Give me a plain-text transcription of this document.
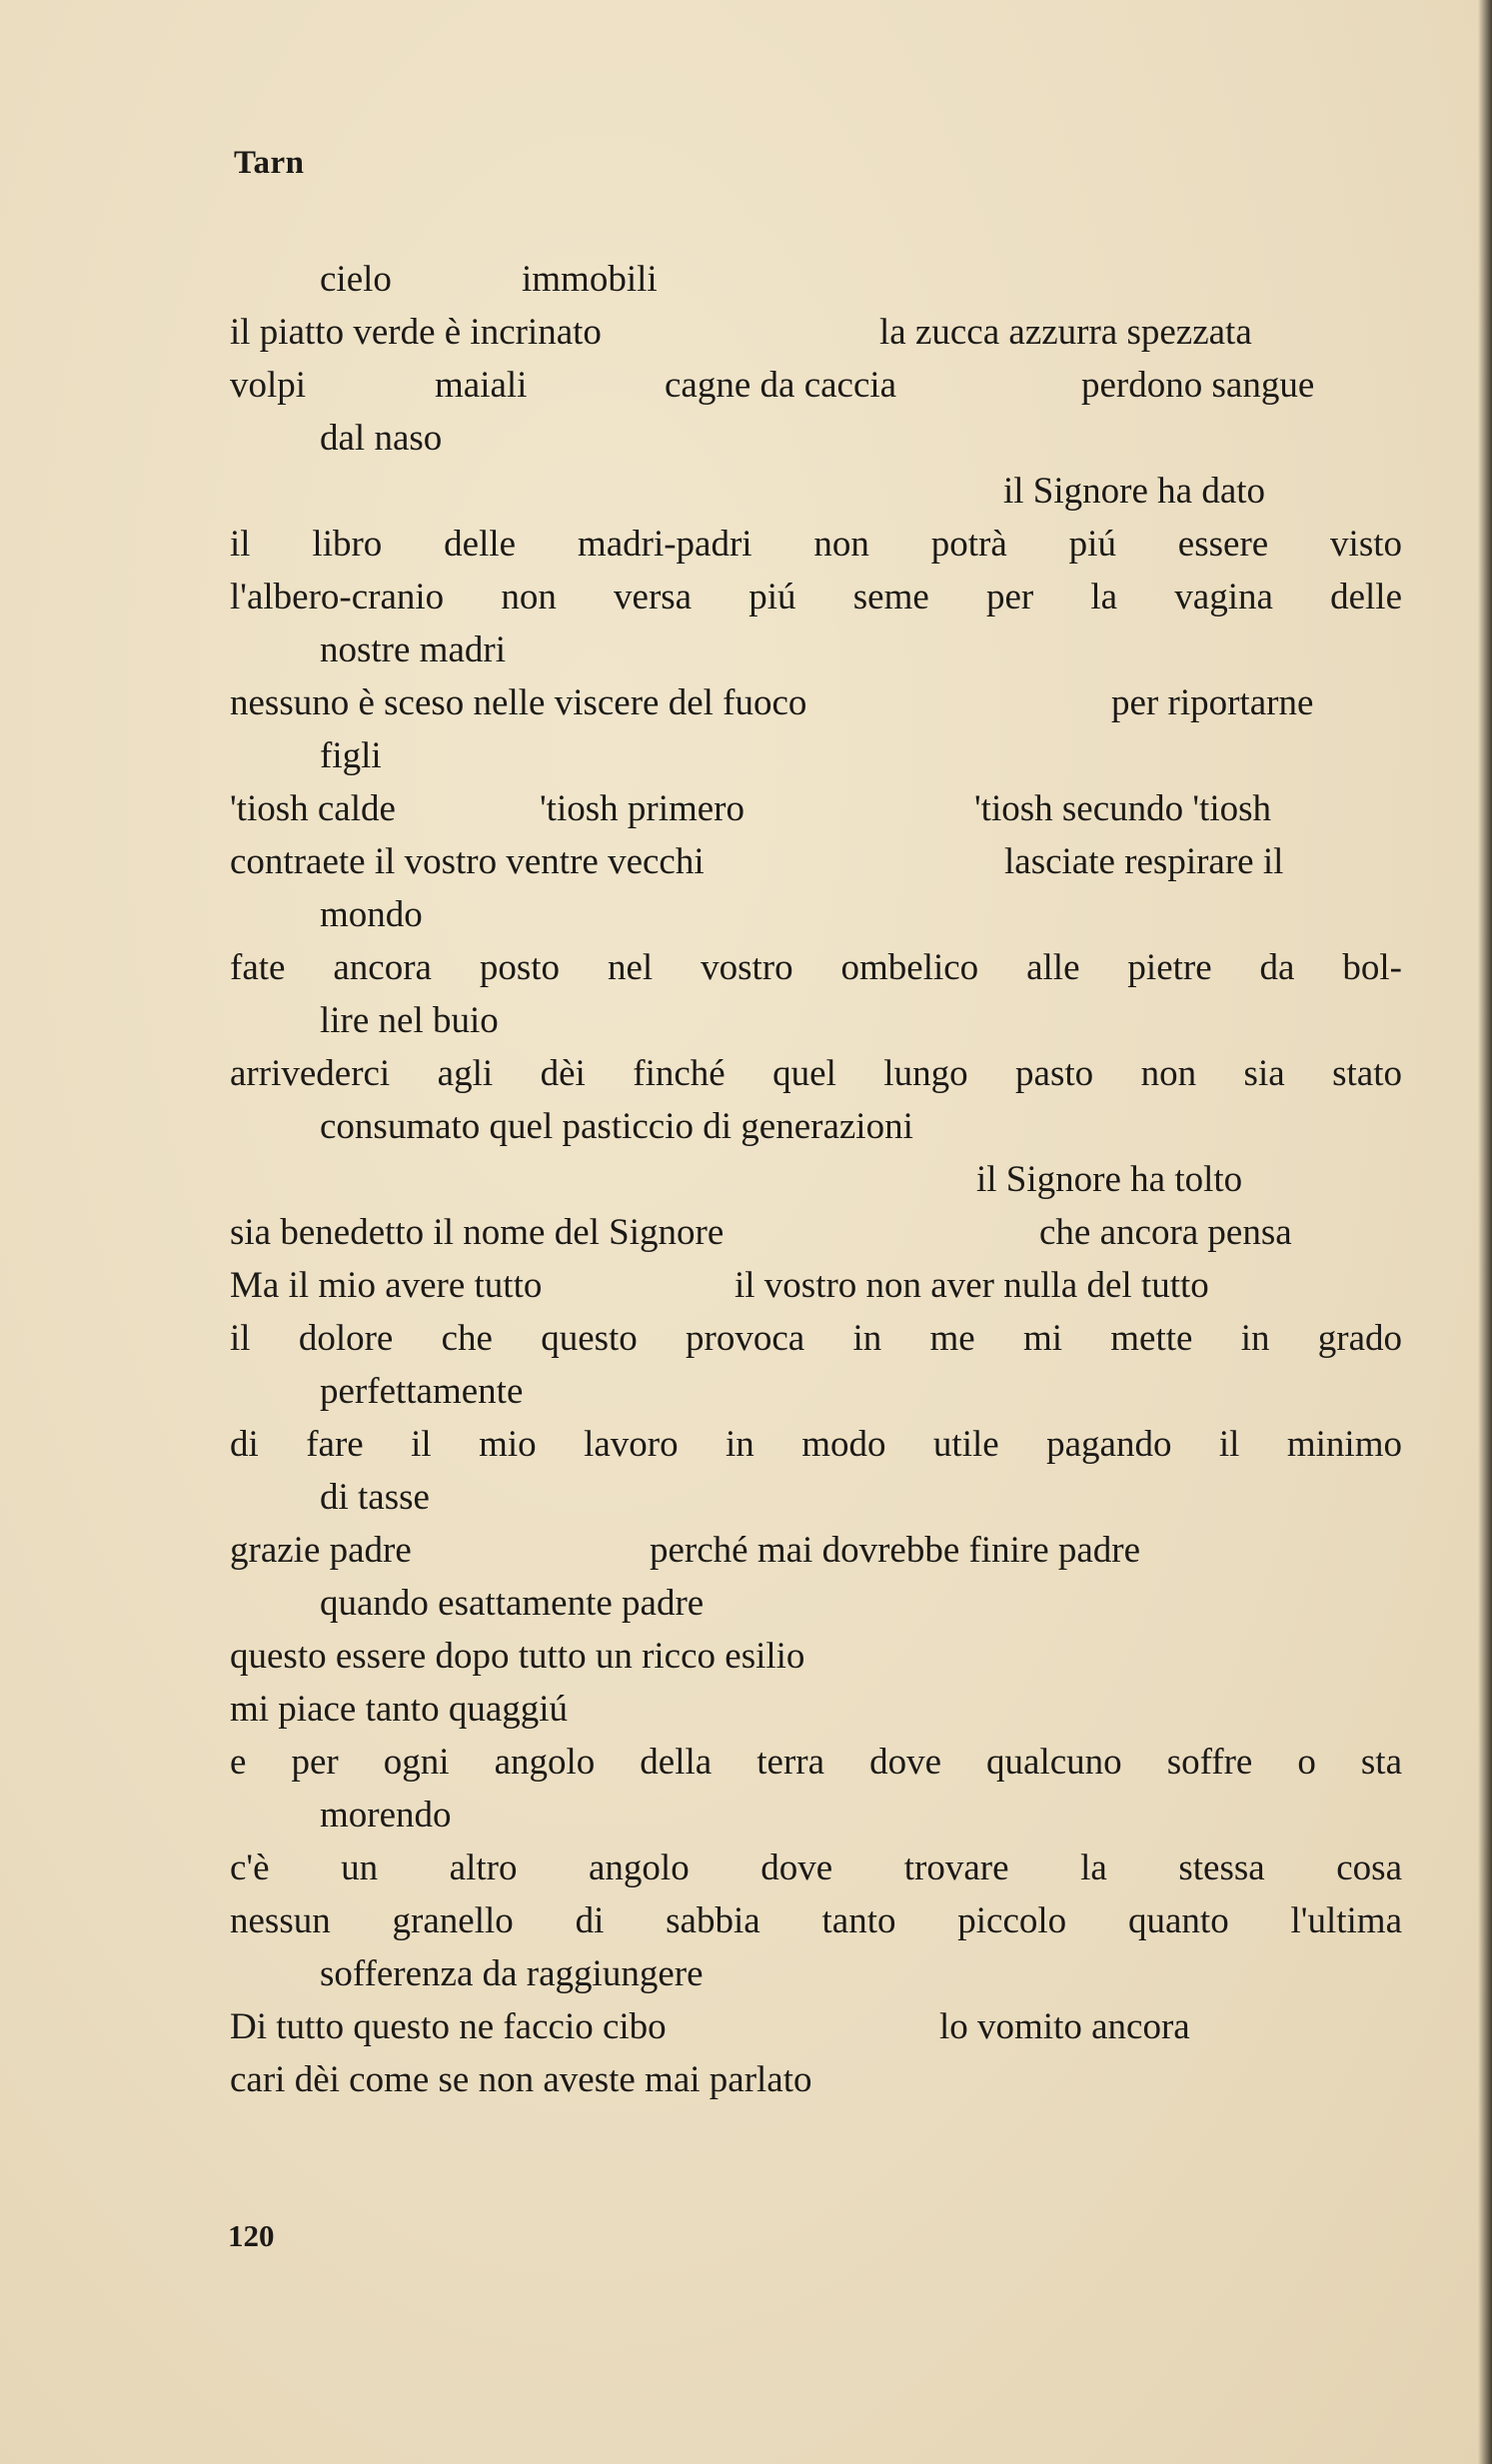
Tarn
cielo	immobili
il piatto verde è incrinato	la zucca azzurra spezzata
volpi	maiali	cagne da caccia	perdono sangue
dal naso
il Signore ha dato
il libro delle madri-padri non potrà piú essere visto
l'albero-cranio non versa piú seme per la vagina delle
nostre madri
nessuno è sceso nelle viscere del fuoco	per riportarne
figli
'tiosh calde	'tiosh primero	'tiosh secundo 'tiosh
contraete il vostro ventre vecchi	lasciate respirare il
mondo
fate ancora posto nel vostro ombelico alle pietre da bol-
lire nel buio
arrivederci agli dèi finché quel lungo pasto non sia stato
consumato quel pasticcio di generazioni
il Signore ha tolto
sia benedetto il nome del Signore	che ancora pensa
Ma il mio avere tutto	il vostro non aver nulla del tutto
il dolore che questo provoca in me mi mette in grado
perfettamente
di fare il mio lavoro in modo utile pagando il minimo
di tasse
grazie padre	perché mai dovrebbe finire padre
quando esattamente padre
questo essere dopo tutto un ricco esilio
mi piace tanto quaggiú
e per ogni angolo della terra dove qualcuno soffre o sta
morendo
c'è un altro angolo dove trovare la stessa cosa
nessun granello di sabbia tanto piccolo quanto l'ultima
sofferenza da raggiungere
Di tutto questo ne faccio cibo	lo vomito ancora
cari dèi come se non aveste mai parlato
120
